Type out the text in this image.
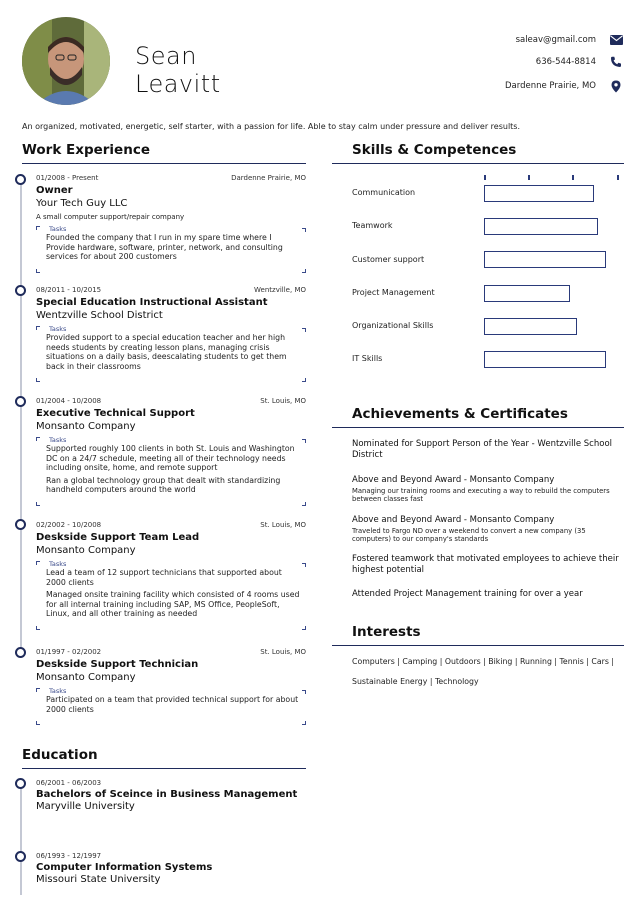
Sean
Leavitt
saleav@gmail.com
636-544-8814
Dardenne Prairie, MO
An organized, motivated, energetic, self starter, with a passion for life. Able to stay calm under pressure and deliver results.
Work Experience
01/2008 - Present	Dardenne Prairie, MO
Owner
Your Tech Guy LLC
A small computer support/repair company
Tasks
Founded the company that I run in my spare time where I Provide hardware, software, printer, network, and consulting services for about 200 customers
08/2011 - 10/2015	Wentzville, MO
Special Education Instructional Assistant
Wentzville School District
Tasks
Provided support to a special education teacher and her high needs students by creating lesson plans, managing crisis situations on a daily basis, deescalating students to get them back in their classrooms
01/2004 - 10/2008	St. Louis, MO
Executive Technical Support
Monsanto Company
Tasks
Supported roughly 100 clients in both St. Louis and Washington DC on a 24/7 schedule, meeting all of their technology needs including onsite, home, and remote support
Ran a global technology group that dealt with standardizing handheld computers around the world
02/2002 - 10/2008	St. Louis, MO
Deskside Support Team Lead
Monsanto Company
Tasks
Lead a team of 12 support technicians that supported about 2000 clients
Managed onsite training facility which consisted of 4 rooms used for all internal training including SAP, MS Office, PeopleSoft, Linux, and all other training as needed
01/1997 - 02/2002	St. Louis, MO
Deskside Support Technician
Monsanto Company
Tasks
Participated on a team that provided technical support for about 2000 clients
Education
06/2001 - 06/2003
Bachelors of Sceince in Business Management
Maryville University
06/1993 - 12/1997
Computer Information Systems
Missouri State University
Skills & Competences
Communication
Teamwork
Customer support
Project Management
Organizational Skills
IT Skills
Achievements & Certificates
Nominated for Support Person of the Year - Wentzville School District
Above and Beyond Award - Monsanto Company
Managing our training rooms and executing a way to rebuild the computers between classes fast
Above and Beyond Award - Monsanto Company
Traveled to Fargo ND over a weekend to convert a new company (35 computers) to our company's standards
Fostered teamwork that motivated employees to achieve their highest potential
Attended Project Management training for over a year
Interests
Computers | Camping | Outdoors | Biking | Running | Tennis | Cars |
Sustainable Energy | Technology
